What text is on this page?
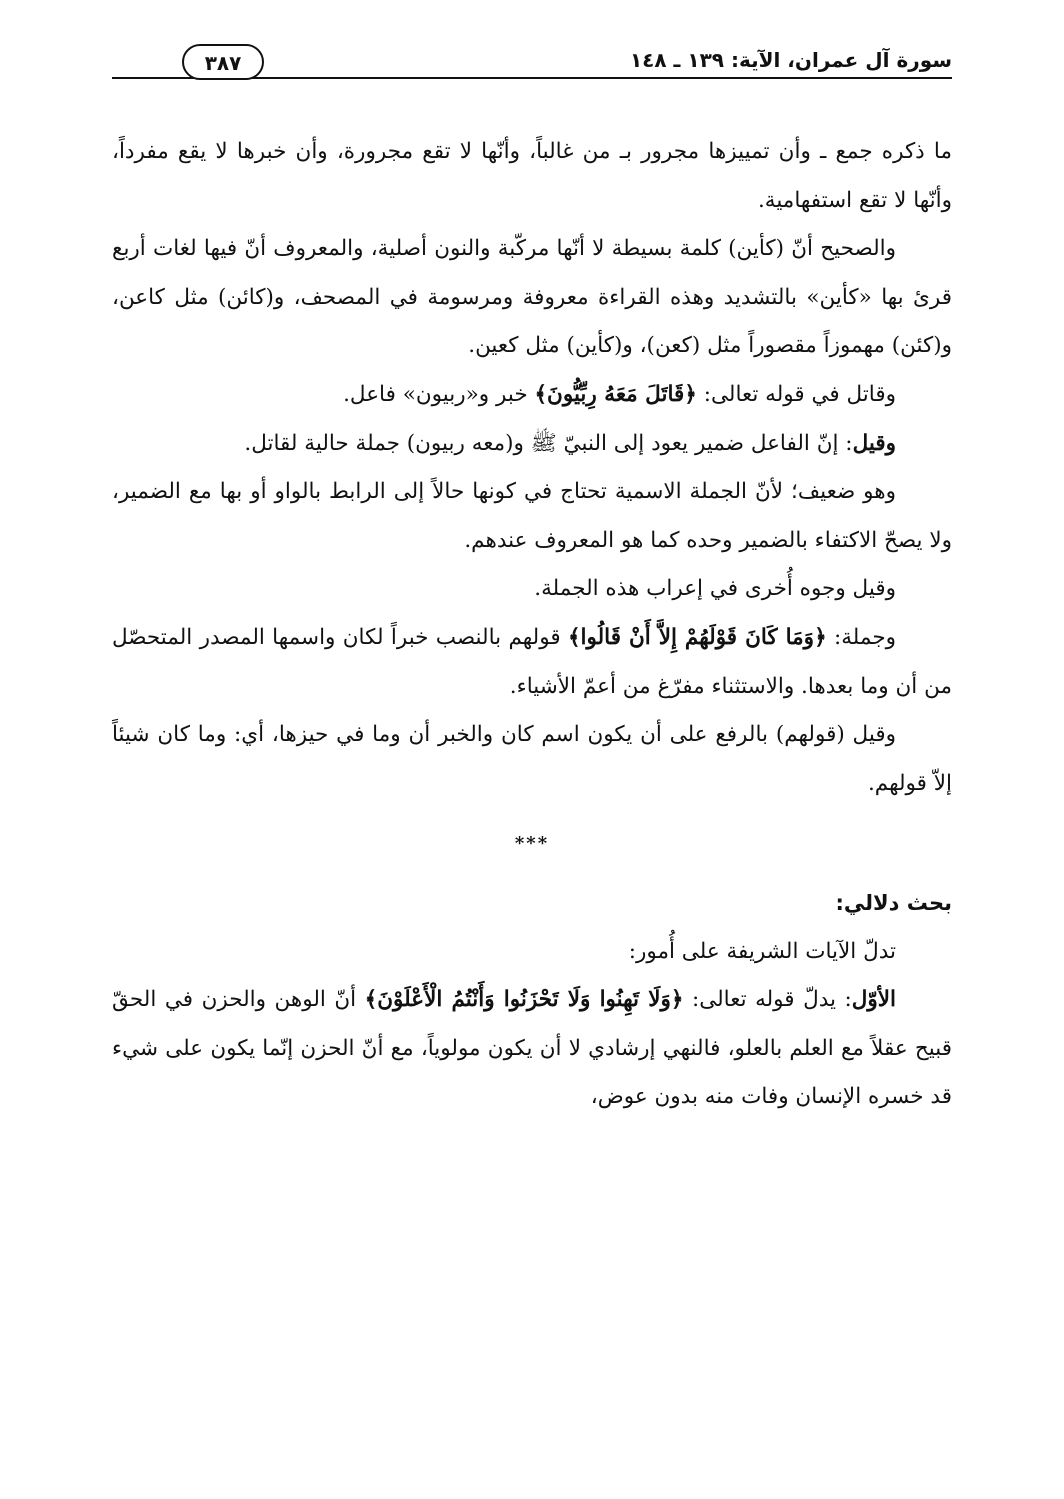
سورة آل عمران، الآية: ١٣٩ ـ ١٤٨
٣٨٧

ما ذكره جمع ـ وأن تمييزها مجرور بـ من غالباً، وأنّها لا تقع مجرورة، وأن خبرها لا يقع مفرداً، وأنّها لا تقع استفهامية.

والصحيح أنّ (كأين) كلمة بسيطة لا أنّها مركّبة والنون أصلية، والمعروف أنّ فيها لغات أربع قرئ بها «كأين» بالتشديد وهذه القراءة معروفة ومرسومة في المصحف، و(كائن) مثل كاعن، و(كئن) مهموزاً مقصوراً مثل (كعن)، و(كأين) مثل كعين.

وقاتل في قوله تعالى: ﴿قَاتَلَ مَعَهُ رِبِّيُّونَ﴾ خبر و«ربيون» فاعل.

وقيل: إنّ الفاعل ضمير يعود إلى النبيّ ﷺ و(معه ربيون) جملة حالية لقاتل.

وهو ضعيف؛ لأنّ الجملة الاسمية تحتاج في كونها حالاً إلى الرابط بالواو أو بها مع الضمير، ولا يصحّ الاكتفاء بالضمير وحده كما هو المعروف عندهم.

وقيل وجوه أُخرى في إعراب هذه الجملة.

وجملة: ﴿وَمَا كَانَ قَوْلَهُمْ إِلاَّ أَنْ قَالُوا﴾ قولهم بالنصب خبراً لكان واسمها المصدر المتحصّل من أن وما بعدها. والاستثناء مفرّغ من أعمّ الأشياء.

وقيل (قولهم) بالرفع على أن يكون اسم كان والخبر أن وما في حيزها، أي: وما كان شيئاً إلاّ قولهم.

***

بحث دلالي:

تدلّ الآيات الشريفة على أُمور:

الأوّل: يدلّ قوله تعالى: ﴿وَلَا تَهِنُوا وَلَا تَحْزَنُوا وَأَنْتُمُ الْأَعْلَوْنَ﴾ أنّ الوهن والحزن في الحقّ قبيح عقلاً مع العلم بالعلو، فالنهي إرشادي لا أن يكون مولوياً، مع أنّ الحزن إنّما يكون على شيء قد خسره الإنسان وفات منه بدون عوض،
